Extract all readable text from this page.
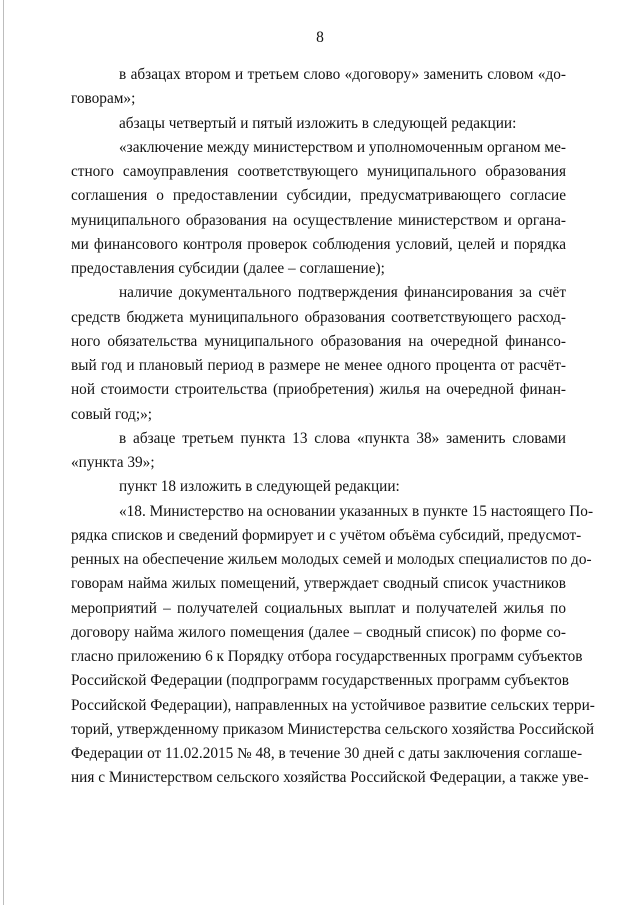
8
в абзацах втором и третьем слово «договору» заменить словом «до-
говорам»;
абзацы четвертый и пятый изложить в следующей редакции:
«заключение между министерством и уполномоченным органом ме-
стного самоуправления соответствующего муниципального образования
соглашения о предоставлении субсидии, предусматривающего согласие
муниципального образования на осуществление министерством и органа-
ми финансового контроля проверок соблюдения условий, целей и порядка
предоставления субсидии (далее – соглашение);
наличие документального подтверждения финансирования за счёт
средств бюджета муниципального образования соответствующего расход-
ного обязательства муниципального образования на очередной финансо-
вый год и плановый период в размере не менее одного процента от расчёт-
ной стоимости строительства (приобретения) жилья на очередной финан-
совый год;»;
в абзаце третьем пункта 13 слова «пункта 38» заменить словами
«пункта 39»;
пункт 18 изложить в следующей редакции:
«18. Министерство на основании указанных в пункте 15 настоящего По-
рядка списков и сведений формирует и с учётом объёма субсидий, предусмот-
ренных на обеспечение жильем молодых семей и молодых специалистов по до-
говорам найма жилых помещений, утверждает сводный список участников
мероприятий – получателей социальных выплат и получателей жилья по
договору найма жилого помещения (далее – сводный список) по форме со-
гласно приложению 6 к Порядку отбора государственных программ субъектов
Российской Федерации (подпрограмм государственных программ субъектов
Российской Федерации), направленных на устойчивое развитие сельских терри-
торий, утвержденному приказом Министерства сельского хозяйства Российской
Федерации от 11.02.2015 № 48, в течение 30 дней с даты заключения соглаше-
ния с Министерством сельского хозяйства Российской Федерации, а также уве-
